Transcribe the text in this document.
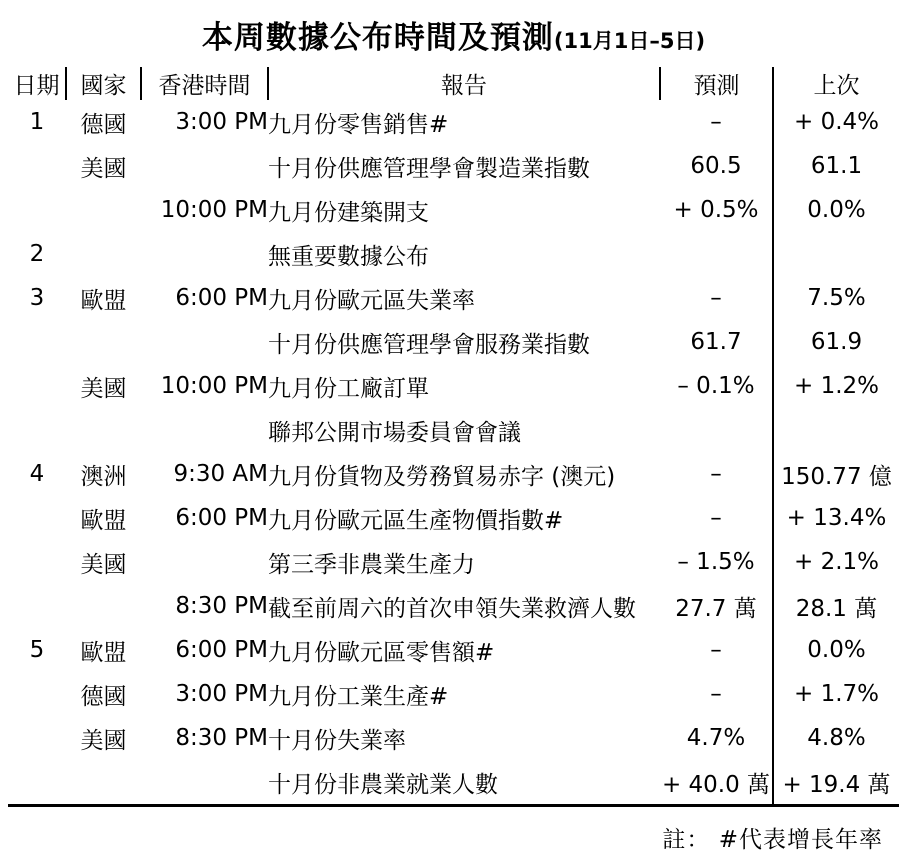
本周數據公布時間及預測(11月1日–5日)
日期	國家	香港時間	報告	預測	上次
1	德國	3:00 PM	九月份零售銷售#	–	+ 0.4%
	美國		十月份供應管理學會製造業指數	60.5	61.1
		10:00 PM	九月份建築開支	+ 0.5%	0.0%
2			無重要數據公布		
3	歐盟	6:00 PM	九月份歐元區失業率	–	7.5%
			十月份供應管理學會服務業指數	61.7	61.9
	美國	10:00 PM	九月份工廠訂單	– 0.1%	+ 1.2%
			聯邦公開市場委員會會議		
4	澳洲	9:30 AM	九月份貨物及勞務貿易赤字 (澳元)	–	150.77 億
	歐盟	6:00 PM	九月份歐元區生產物價指數#	–	+ 13.4%
	美國		第三季非農業生產力	– 1.5%	+ 2.1%
		8:30 PM	截至前周六的首次申領失業救濟人數	27.7 萬	28.1 萬
5	歐盟	6:00 PM	九月份歐元區零售額#	–	0.0%
	德國	3:00 PM	九月份工業生產#	–	+ 1.7%
	美國	8:30 PM	十月份失業率	4.7%	4.8%
			十月份非農業就業人數	+ 40.0 萬	+ 19.4 萬
註： #代表增長年率
